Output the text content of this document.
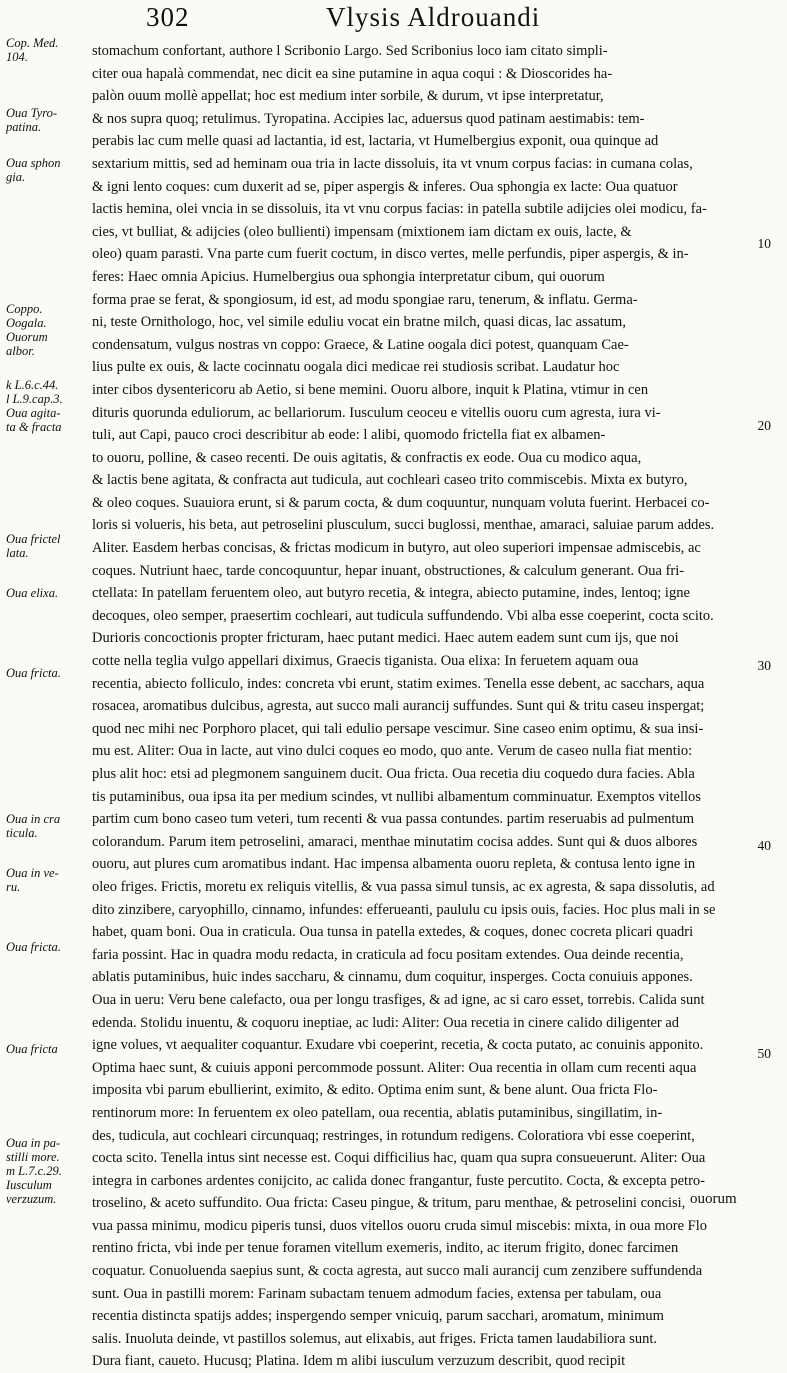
302	Vlysis Aldrouandi
Cop. Med.
104.
Oua Tyro-
patina.
Oua sphon
gia.
Coppo.
Oogala.
Ouorum
albor.
k L.6.c.44.
l L.9.cap.3.
Oua agita-
ta & fracta
Oua frictel
lata.
Oua elixa.
Oua fricta.
Oua in cra
ticula.
Oua in ve-
ru.
Oua fricta.
Oua fricta
Oua in pa-
stilli more.
m L.7.c.29.
Iusculum
verzuzum.
10
20
30
40
50
stomachum confortant, authore l Scribonio Largo. Sed Scribonius loco iam citato simpli-
citer oua hapalà commendat, nec dicit ea sine putamine in aqua coqui : & Dioscorides ha-
palòn ouum mollè appellat; hoc est medium inter sorbile, & durum, vt ipse interpretatur,
& nos supra quoq; retulimus. Tyropatina. Accipies lac, aduersus quod patinam aestimabis: tem-
perabis lac cum melle quasi ad lactantia, id est, lactaria, vt Humelbergius exponit, oua quinque ad
sextarium mittis, sed ad heminam oua tria in lacte dissoluis, ita vt vnum corpus facias: in cumana colas,
& igni lento coques: cum duxerit ad se, piper aspergis & inferes. Oua sphongia ex lacte: Oua quatuor
lactis hemina, olei vncia in se dissoluis, ita vt vnu corpus facias: in patella subtile adijcies olei modicu, fa-
cies, vt bulliat, & adijcies (oleo bullienti) impensam (mixtionem iam dictam ex ouis, lacte, &
oleo) quam parasti. Vna parte cum fuerit coctum, in disco vertes, melle perfundis, piper aspergis, & in-
feres: Haec omnia Apicius. Humelbergius oua sphongia interpretatur cibum, qui ouorum
forma prae se ferat, & spongiosum, id est, ad modu spongiae raru, tenerum, & inflatu. Germa-
ni, teste Ornithologo, hoc, vel simile eduliu vocat ein bratne milch, quasi dicas, lac assatum,
condensatum, vulgus nostras vn coppo: Graece, & Latine oogala dici potest, quanquam Cae-
lius pulte ex ouis, & lacte cocinnatu oogala dici medicae rei studiosis scribat. Laudatur hoc
inter cibos dysentericoru ab Aetio, si bene memini. Ouoru albore, inquit k Platina, vtimur in cen
dituris quorunda eduliorum, ac bellariorum. Iusculum ceoceu e vitellis ouoru cum agresta, iura vi-
tuli, aut Capi, pauco croci describitur ab eode: l alibi, quomodo frictella fiat ex albamen-
to ouoru, polline, & caseo recenti. De ouis agitatis, & confractis ex eode. Oua cu modico aqua,
& lactis bene agitata, & confracta aut tudicula, aut cochleari caseo trito commiscebis. Mixta ex butyro,
& oleo coques. Suauiora erunt, si & parum cocta, & dum coquuntur, nunquam voluta fuerint. Herbacei co-
loris si volueris, his beta, aut petroselini plusculum, succi buglossi, menthae, amaraci, saluiae parum addes.
Aliter. Easdem herbas concisas, & frictas modicum in butyro, aut oleo superiori impensae admiscebis, ac
coques. Nutriunt haec, tarde concoquuntur, hepar inuant, obstructiones, & calculum generant. Oua fri-
ctellata: In patellam feruentem oleo, aut butyro recetia, & integra, abiecto putamine, indes, lentoq; igne
decoques, oleo semper, praesertim cochleari, aut tudicula suffundendo. Vbi alba esse coeperint, cocta scito.
Durioris concoctionis propter fricturam, haec putant medici. Haec autem eadem sunt cum ijs, que noi
cotte nella teglia vulgo appellari diximus, Graecis tiganista. Oua elixa: In feruetem aquam oua
recentia, abiecto folliculo, indes: concreta vbi erunt, statim eximes. Tenella esse debent, ac sacchars, aqua
rosacea, aromatibus dulcibus, agresta, aut succo mali aurancij suffundes. Sunt qui & tritu caseu inspergat;
quod nec mihi nec Porphoro placet, qui tali edulio persape vescimur. Sine caseo enim optimu, & sua insi-
mu est. Aliter: Oua in lacte, aut vino dulci coques eo modo, quo ante. Verum de caseo nulla fiat mentio:
plus alit hoc: etsi ad plegmonem sanguinem ducit. Oua fricta. Oua recetia diu coquedo dura facies. Abla
tis putaminibus, oua ipsa ita per medium scindes, vt nullibi albamentum comminuatur. Exemptos vitellos
partim cum bono caseo tum veteri, tum recenti & vua passa contundes. partim reseruabis ad pulmentum
colorandum. Parum item petroselini, amaraci, menthae minutatim cocisa addes. Sunt qui & duos albores
ouoru, aut plures cum aromatibus indant. Hac impensa albamenta ouoru repleta, & contusa lento igne in
oleo friges. Frictis, moretu ex reliquis vitellis, & vua passa simul tunsis, ac ex agresta, & sapa dissolutis, ad
dito zinzibere, caryophillo, cinnamo, infundes: efferueanti, paululu cu ipsis ouis, facies. Hoc plus mali in se
habet, quam boni. Oua in craticula. Oua tunsa in patella extedes, & coques, donec cocreta plicari quadri
faria possint. Hac in quadra modu redacta, in craticula ad focu positam extendes. Oua deinde recentia,
ablatis putaminibus, huic indes saccharu, & cinnamu, dum coquitur, insperges. Cocta conuiuis appones.
Oua in ueru: Veru bene calefacto, oua per longu trasfiges, & ad igne, ac si caro esset, torrebis. Calida sunt
edenda. Stolidu inuentu, & coquoru ineptiae, ac ludi: Aliter: Oua recetia in cinere calido diligenter ad
igne volues, vt aequaliter coquantur. Exudare vbi coeperint, recetia, & cocta putato, ac conuinis apponito.
Optima haec sunt, & cuiuis apponi percommode possunt. Aliter: Oua recentia in ollam cum recenti aqua
imposita vbi parum ebullierint, eximito, & edito. Optima enim sunt, & bene alunt. Oua fricta Flo-
rentinorum more: In feruentem ex oleo patellam, oua recentia, ablatis putaminibus, singillatim, in-
des, tudicula, aut cochleari circunquaq; restringes, in rotundum redigens. Coloratiora vbi esse coeperint,
cocta scito. Tenella intus sint necesse est. Coqui difficilius hac, quam qua supra consueuerunt. Aliter: Oua
integra in carbones ardentes conijcito, ac calida donec frangantur, fuste percutito. Cocta, & excepta petro-
troselino, & aceto suffundito. Oua fricta: Caseu pingue, & tritum, paru menthae, & petroselini concisi,
vua passa minimu, modicu piperis tunsi, duos vitellos ouoru cruda simul miscebis: mixta, in oua more Flo
rentino fricta, vbi inde per tenue foramen vitellum exemeris, indito, ac iterum frigito, donec farcimen
coquatur. Conuoluenda saepius sunt, & cocta agresta, aut succo mali aurancij cum zenzibere suffundenda
sunt. Oua in pastilli morem: Farinam subactam tenuem admodum facies, extensa per tabulam, oua
recentia distincta spatijs addes; inspergendo semper vnicuiq, parum sacchari, aromatum, minimum
salis. Inuoluta deinde, vt pastillos solemus, aut elixabis, aut friges. Fricta tamen laudabiliora sunt.
Dura fiant, caueto. Hucusq; Platina. Idem m alibi iusculum verzuzum describit, quod recipit
ouorum
